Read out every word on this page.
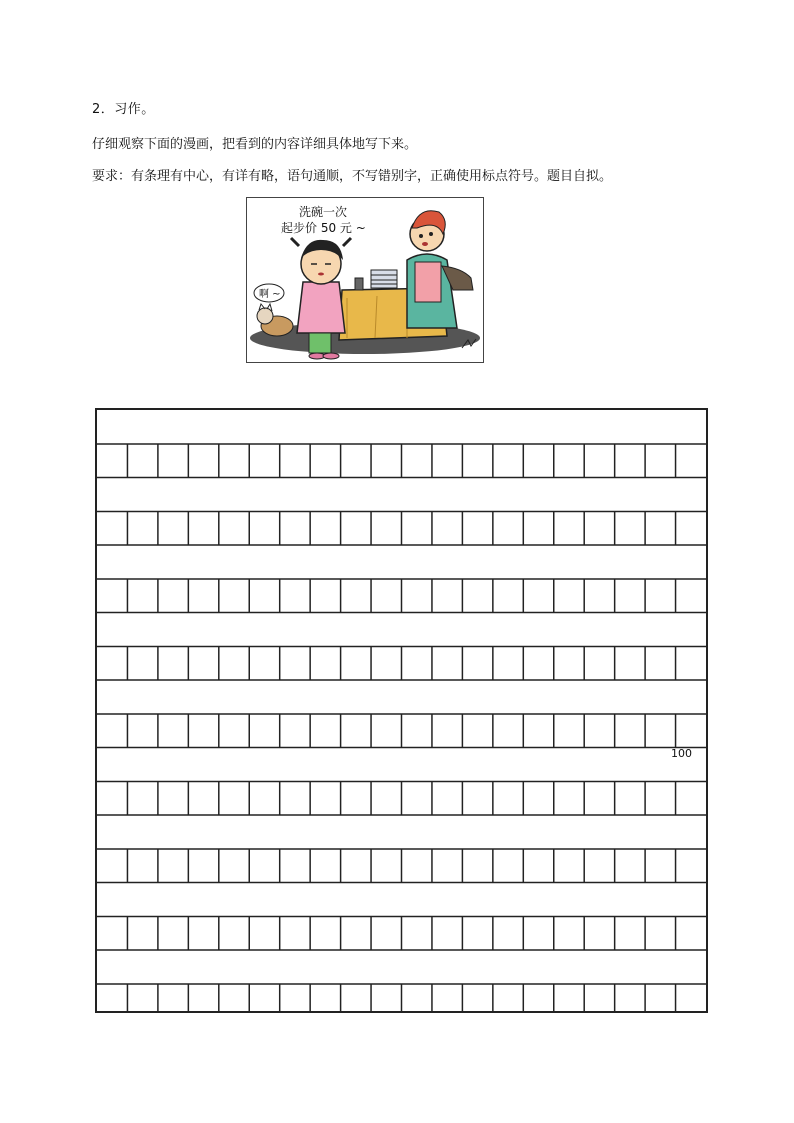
2．习作。
仔细观察下面的漫画，把看到的内容详细具体地写下来。
要求：有条理有中心，有详有略，语句通顺，不写错别字，正确使用标点符号。题目自拟。
洗碗一次
起步价 50 元 ~
啊 ~
100
